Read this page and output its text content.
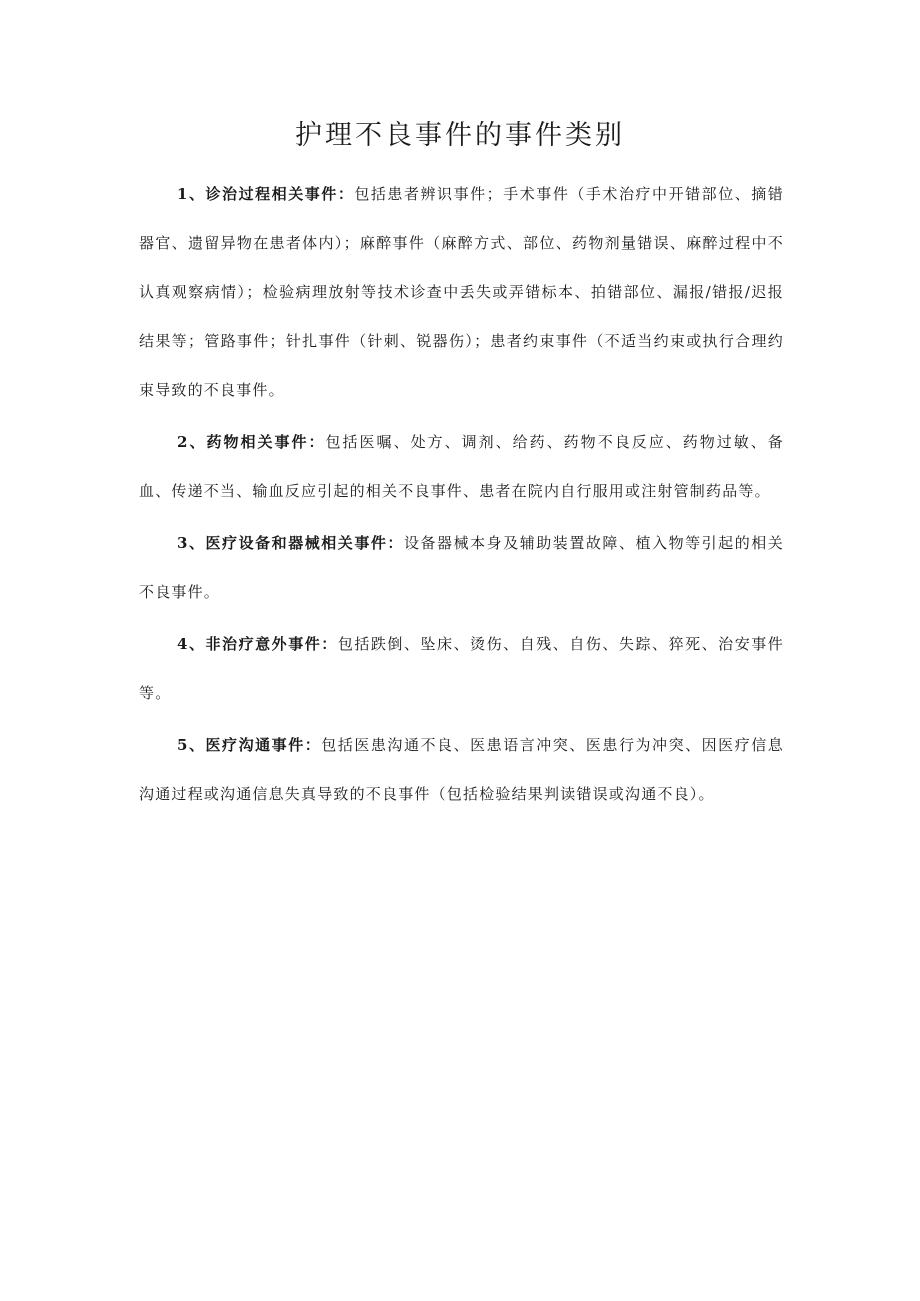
护理不良事件的事件类别

1、诊治过程相关事件：包括患者辨识事件；手术事件（手术治疗中开错部位、摘错器官、遗留异物在患者体内）；麻醉事件（麻醉方式、部位、药物剂量错误、麻醉过程中不认真观察病情）；检验病理放射等技术诊查中丢失或弄错标本、拍错部位、漏报/错报/迟报结果等；管路事件；针扎事件（针刺、锐器伤）；患者约束事件（不适当约束或执行合理约束导致的不良事件。

2、药物相关事件：包括医嘱、处方、调剂、给药、药物不良反应、药物过敏、备血、传递不当、输血反应引起的相关不良事件、患者在院内自行服用或注射管制药品等。

3、医疗设备和器械相关事件：设备器械本身及辅助装置故障、植入物等引起的相关不良事件。

4、非治疗意外事件：包括跌倒、坠床、烫伤、自残、自伤、失踪、猝死、治安事件等。

5、医疗沟通事件：包括医患沟通不良、医患语言冲突、医患行为冲突、因医疗信息沟通过程或沟通信息失真导致的不良事件（包括检验结果判读错误或沟通不良）。
